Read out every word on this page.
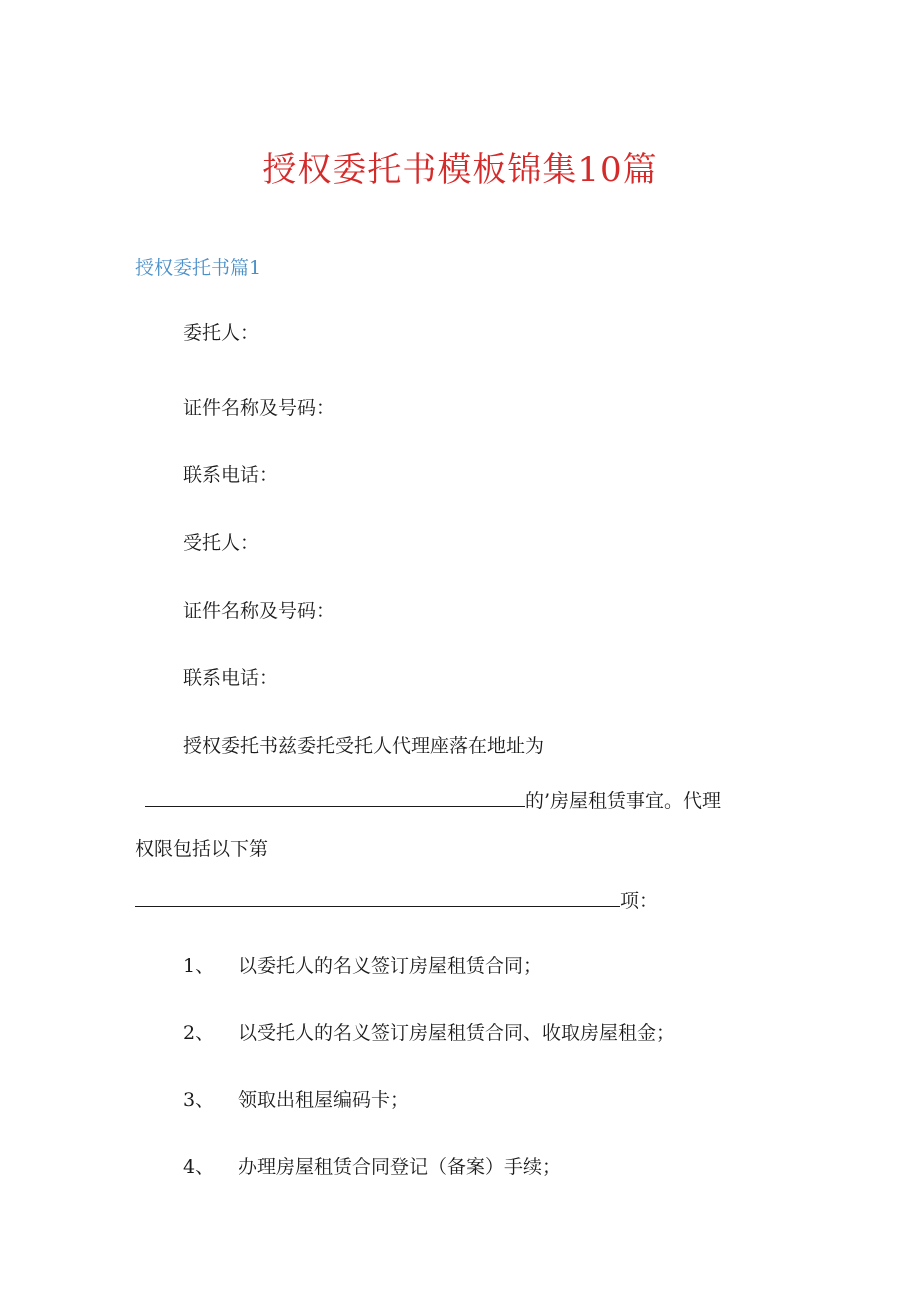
授权委托书模板锦集10篇
授权委托书篇1
委托人：
证件名称及号码：
联系电话：
受托人：
证件名称及号码：
联系电话：
授权委托书兹委托受托人代理座落在地址为
的’房屋租赁事宜。代理
权限包括以下第
项：
1、 以委托人的名义签订房屋租赁合同；
2、 以受托人的名义签订房屋租赁合同、收取房屋租金；
3、 领取出租屋编码卡；
4、 办理房屋租赁合同登记（备案）手续；
